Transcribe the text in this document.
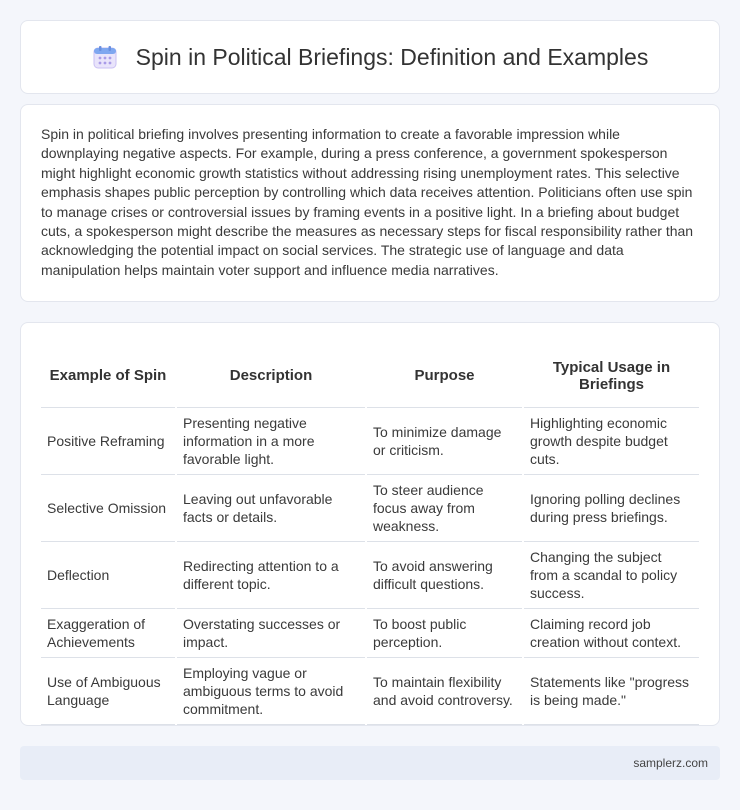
Spin in Political Briefings: Definition and Examples

Spin in political briefing involves presenting information to create a favorable impression while downplaying negative aspects. For example, during a press conference, a government spokesperson might highlight economic growth statistics without addressing rising unemployment rates. This selective emphasis shapes public perception by controlling which data receives attention. Politicians often use spin to manage crises or controversial issues by framing events in a positive light. In a briefing about budget cuts, a spokesperson might describe the measures as necessary steps for fiscal responsibility rather than acknowledging the potential impact on social services. The strategic use of language and data manipulation helps maintain voter support and influence media narratives.

Example of Spin	Description	Purpose	Typical Usage in Briefings
Positive Reframing	Presenting negative information in a more favorable light.	To minimize damage or criticism.	Highlighting economic growth despite budget cuts.
Selective Omission	Leaving out unfavorable facts or details.	To steer audience focus away from weakness.	Ignoring polling declines during press briefings.
Deflection	Redirecting attention to a different topic.	To avoid answering difficult questions.	Changing the subject from a scandal to policy success.
Exaggeration of Achievements	Overstating successes or impact.	To boost public perception.	Claiming record job creation without context.
Use of Ambiguous Language	Employing vague or ambiguous terms to avoid commitment.	To maintain flexibility and avoid controversy.	Statements like "progress is being made."
samplerz.com
